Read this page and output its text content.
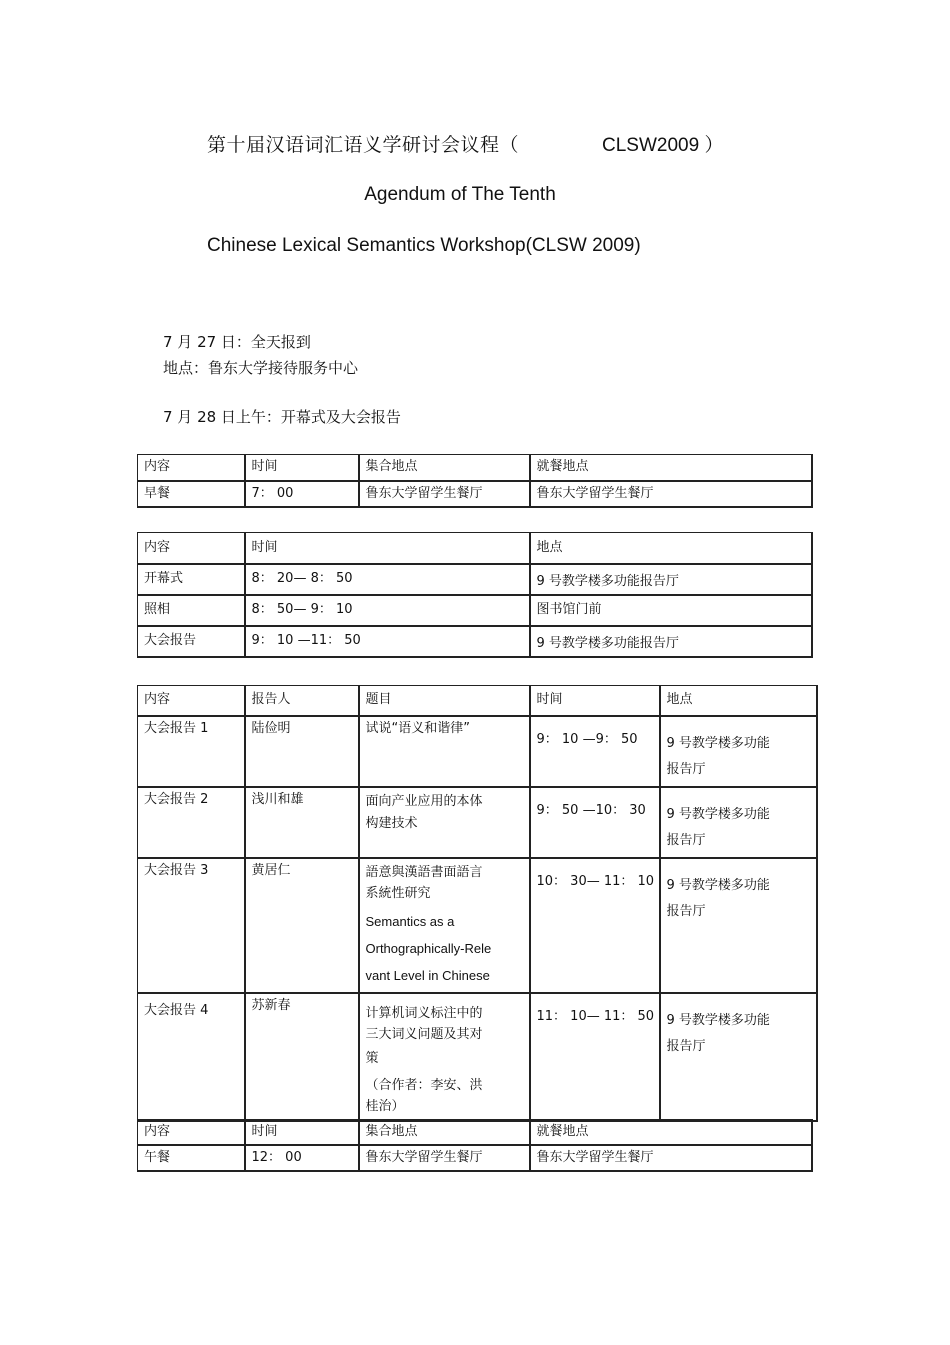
第十届汉语词汇语义学研讨会议程（	CLSW2009 ）
Agendum of The Tenth
Chinese Lexical Semantics Workshop(CLSW 2009)
7 月 27 日：全天报到
地点：鲁东大学接待服务中心
7 月 28 日上午：开幕式及大会报告
内容	时间	集合地点	就餐地点
早餐	7： 00	鲁东大学留学生餐厅	鲁东大学留学生餐厅
内容	时间	地点
开幕式	8： 20— 8： 50	9 号教学楼多功能报告厅
照相	8： 50— 9： 10	图书馆门前
大会报告	9： 10 —11： 50	9 号教学楼多功能报告厅
内容	报告人	题目	时间	地点
大会报告 1	陆俭明	试说“语义和谐律”	9： 10 —9： 50	9 号教学楼多功能
报告厅

大会报告 2	浅川和雄	面向产业应用的本体
构建技术	9： 50 —10： 30	9 号教学楼多功能
报告厅

大会报告 3	黄居仁	語意與漢語書面語言
系統性研究
Semantics as a
Orthographically-Rele
vant Level in Chinese	10： 30— 11： 10	9 号教学楼多功能
报告厅

大会报告 4	苏新春	计算机词义标注中的
三大词义问题及其对
策
（合作者：李安、洪
桂治）	11： 10— 11： 50	9 号教学楼多功能
报告厅
内容	时间	集合地点	就餐地点
午餐	12： 00	鲁东大学留学生餐厅	鲁东大学留学生餐厅
